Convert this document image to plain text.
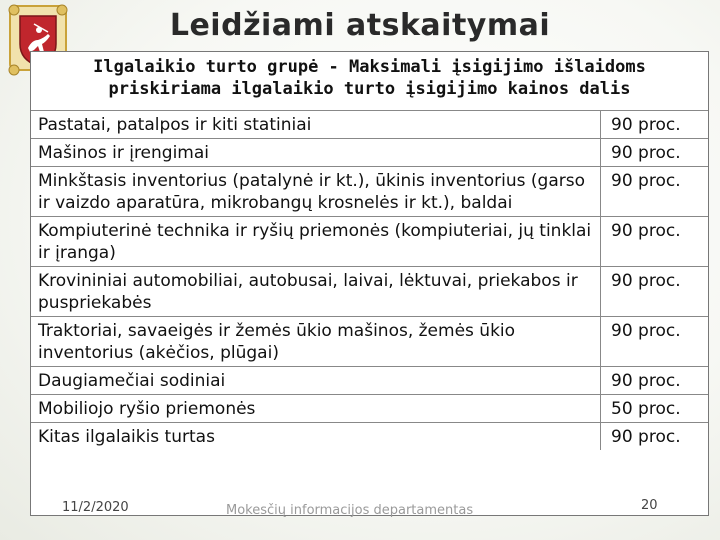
Leidžiami atskaitymai
Ilgalaikio turto grupė - Maksimali įsigijimo išlaidoms
priskiriama ilgalaikio turto įsigijimo kainos dalis
Pastatai, patalpos ir kiti statiniai	90 proc.
Mašinos ir įrengimai	90 proc.
Minkštasis inventorius (patalynė ir kt.), ūkinis inventorius (garso ir vaizdo aparatūra, mikrobangų krosnelės ir kt.), baldai	90 proc.
Kompiuterinė technika ir ryšių priemonės (kompiuteriai, jų tinklai ir įranga)	90 proc.
Krovininiai automobiliai, autobusai, laivai, lėktuvai, priekabos ir puspriekabės	90 proc.
Traktoriai, savaeigės ir žemės ūkio mašinos, žemės ūkio inventorius (akėčios, plūgai)	90 proc.
Daugiamečiai sodiniai	90 proc.
Mobiliojo ryšio priemonės	50 proc.
Kitas ilgalaikis turtas	90 proc.
11/2/2020	Mokesčių informacijos departamentas	20
